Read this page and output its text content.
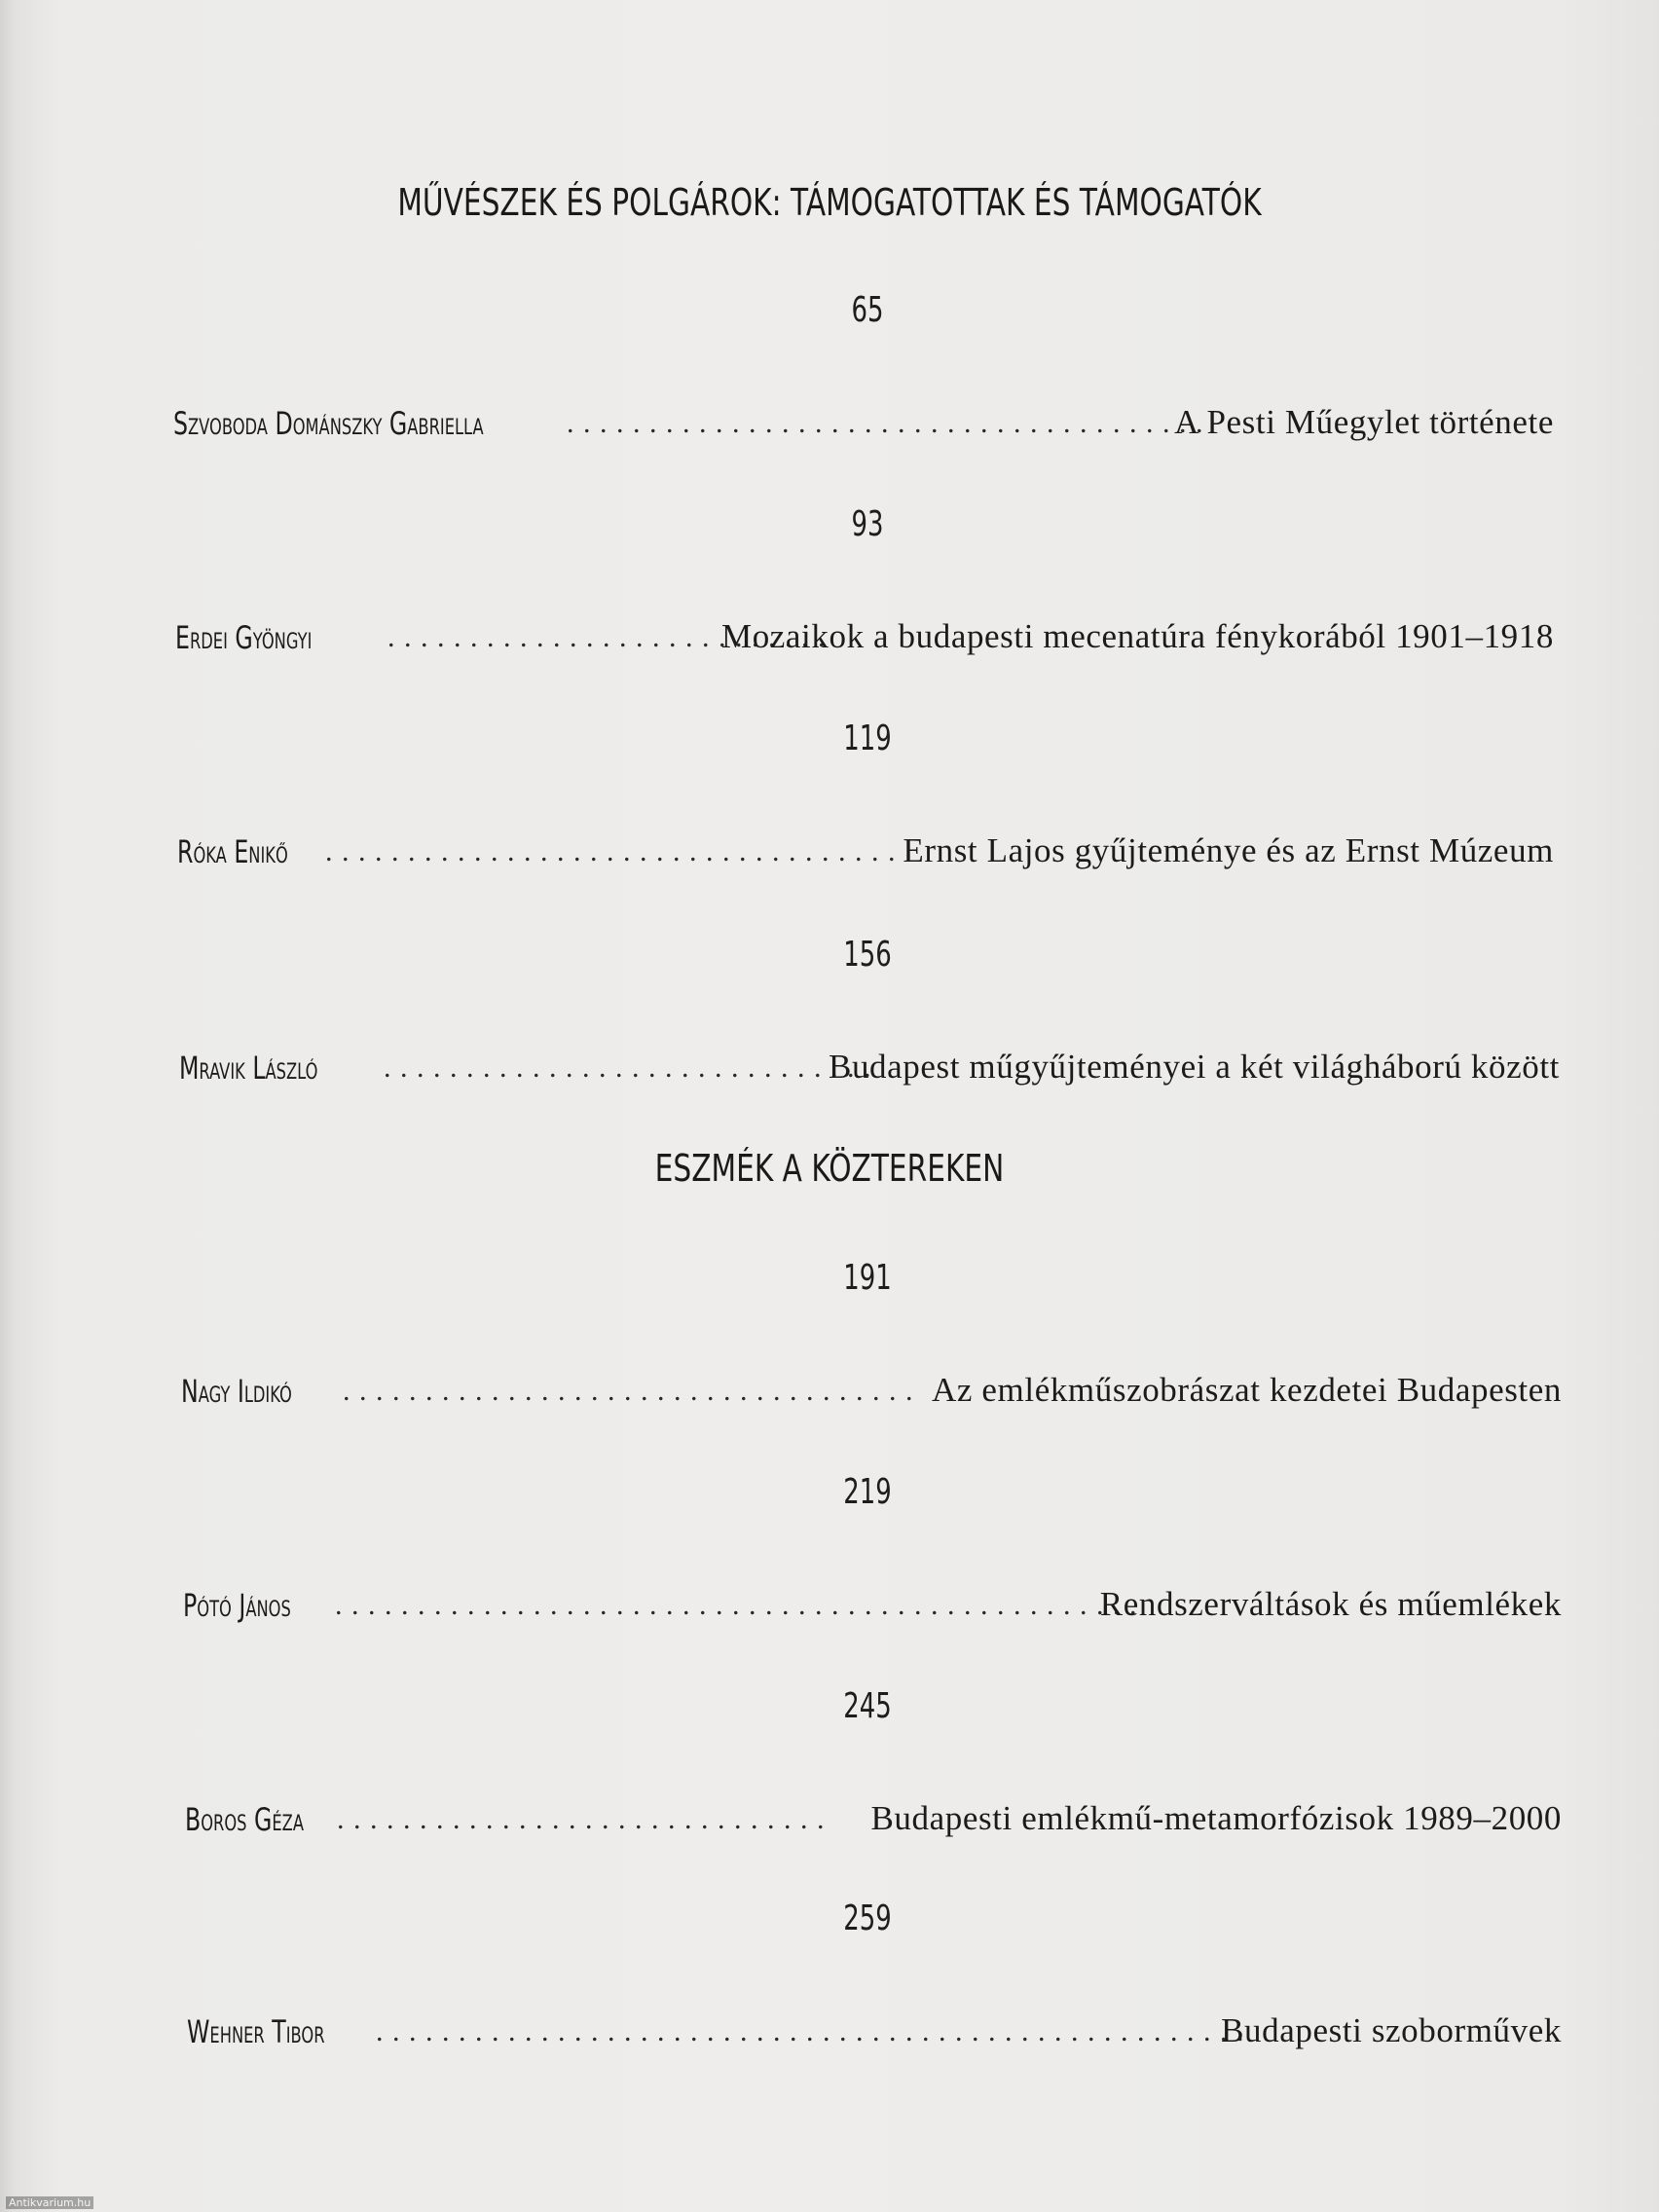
MŰVÉSZEK ÉS POLGÁROK: TÁMOGATOTTAK ÉS TÁMOGATÓK
65
Szvoboda Dománszky Gabriella	.......................................
A Pesti Műegylet története
93
Erdei Gyöngyi	...........................
Mozaikok a budapesti mecenatúra fénykorából 1901–1918
119
Róka Enikő ...................................
Ernst Lajos gyűjteménye és az Ernst Múzeum
156
Mravik László ..............................
Budapest műgyűjteményei a két világháború között
ESZMÉK A KÖZTEREKEN
191
Nagy Ildikó ................................... Az emlékműszobrászat kezdetei Budapesten
219
Pótó János .................................................
Rendszerváltások és műemlékek
245
Boros Géza .............................. Budapesti emlékmű-metamorfózisok 1989–2000
259
Wehner Tibor .....................................................
Budapesti szoborművek
Antikvarium.hu
